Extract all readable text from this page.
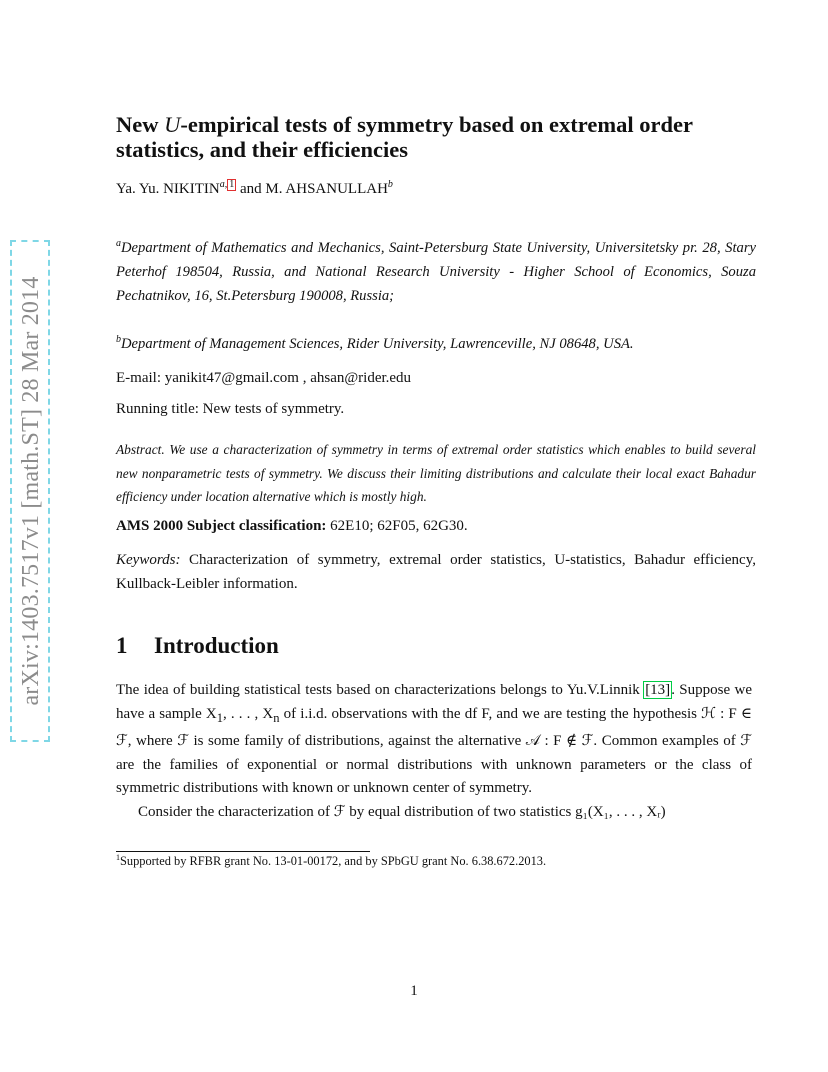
arXiv:1403.7517v1 [math.ST] 28 Mar 2014
New U-empirical tests of symmetry based on extremal order statistics, and their efficiencies
Ya. Yu. NIKITIN$^{a, 1}$ and M. AHSANULLAH$^b$
$^a$Department of Mathematics and Mechanics, Saint-Petersburg State University, Universitetsky pr. 28, Stary Peterhof 198504, Russia, and National Research University - Higher School of Economics, Souza Pechatnikov, 16, St.Petersburg 190008, Russia;
$^b$Department of Management Sciences, Rider University, Lawrenceville, NJ 08648, USA.
E-mail: yanikit47@gmail.com , ahsan@rider.edu
Running title: New tests of symmetry.
Abstract. We use a characterization of symmetry in terms of extremal order statistics which enables to build several new nonparametric tests of symmetry. We discuss their limiting distributions and calculate their local exact Bahadur efficiency under location alternative which is mostly high.
AMS 2000 Subject classification: 62E10; 62F05, 62G30.
Keywords: Characterization of symmetry, extremal order statistics, U-statistics, Bahadur efficiency, Kullback-Leibler information.
1 Introduction

The idea of building statistical tests based on characterizations belongs to Yu.V.Linnik [13]. Suppose we have a sample $X_1$, . . . , $X_n$ of i.i.d. observations with the df F, and we are testing the hypothesis ℋ : F ∈ ℱ, where ℱ is some family of distributions, against the alternative 𝒜 : F ∉ ℱ. Common examples of ℱ are the families of exponential or normal distributions with unknown parameters or the class of symmetric distributions with known or unknown center of symmetry.

Consider the characterization of ℱ by equal distribution of two statistics g₁(X₁, . . . , Xᵣ)

$^1$Supported by RFBR grant No. 13-01-00172, and by SPbGU grant No. 6.38.672.2013.
1
